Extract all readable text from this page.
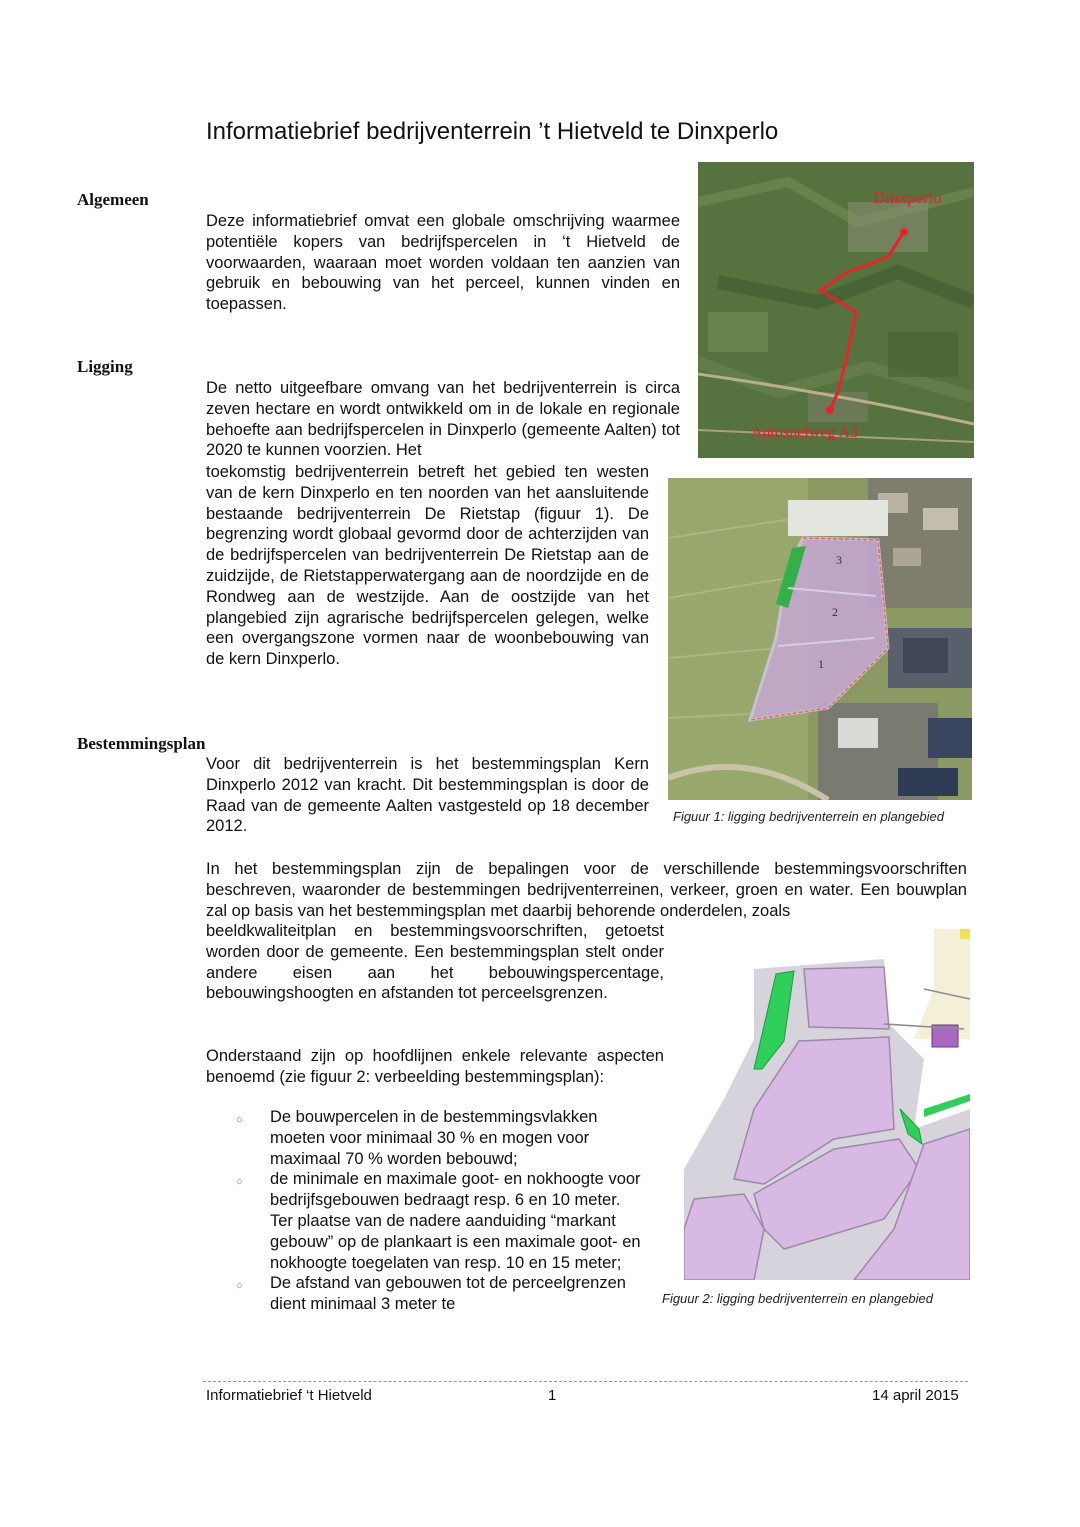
Informatiebrief bedrijventerrein ’t Hietveld te Dinxperlo
Algemeen
Deze informatiebrief omvat een globale omschrijving waarmee potentiële kopers van bedrijfspercelen in ‘t Hietveld de voorwaarden, waaraan moet worden voldaan ten aanzien van gebruik en bebouwing van het perceel, kunnen vinden en toepassen.
Ligging
De netto uitgeefbare omvang van het bedrijventerrein is circa zeven hectare en wordt ontwikkeld om in de lokale en regionale behoefte aan bedrijfspercelen in Dinxperlo (gemeente Aalten) tot 2020 te kunnen voorzien. Het
toekomstig bedrijventerrein betreft het gebied ten westen van de kern Dinxperlo en ten noorden van het aansluitende bestaande bedrijventerrein De Rietstap (figuur 1). De begrenzing wordt globaal gevormd door de achterzijden van de bedrijfspercelen van bedrijventerrein De Rietstap aan de zuidzijde, de Rietstapperwatergang aan de noordzijde en de Rondweg aan de westzijde. Aan de oostzijde van het plangebied zijn agrarische bedrijfspercelen gelegen, welke een overgangszone vormen naar de woonbebouwing van de kern Dinxperlo.
Bestemmingsplan
Voor dit bedrijventerrein is het bestemmingsplan Kern Dinxperlo 2012 van kracht. Dit bestemmingsplan is door de Raad van de gemeente Aalten vastgesteld op 18 december 2012.
In het bestemmingsplan zijn de bepalingen voor de verschillende bestemmingsvoorschriften beschreven, waaronder de bestemmingen bedrijventerreinen, verkeer, groen en water. Een bouwplan zal op basis van het bestemmingsplan met daarbij behorende onderdelen, zoals
beeldkwaliteitplan en bestemmingsvoorschriften, getoetst worden door de gemeente. Een bestemmingsplan stelt onder andere eisen aan het bebouwingspercentage, bebouwingshoogten en afstanden tot perceelsgrenzen.
Onderstaand zijn op hoofdlijnen enkele relevante aspecten benoemd (zie figuur 2: verbeelding bestemmingsplan):
○ De bouwpercelen in de bestemmingsvlakken moeten voor minimaal 30 % en mogen voor maximaal 70 % worden bebouwd;
○ de minimale en maximale goot- en nokhoogte voor bedrijfsgebouwen bedraagt resp. 6 en 10 meter. Ter plaatse van de nadere aanduiding “markant gebouw” op de plankaart is een maximale goot- en nokhoogte toegelaten van resp. 10 en 15 meter;
○ De afstand van gebouwen tot de perceelgrenzen dient minimaal 3 meter te
Dinxperlo
Autosnelweg A3
3
2
1
Figuur 1: ligging bedrijventerrein en plangebied
Figuur 2: ligging bedrijventerrein en plangebied
Informatiebrief ‘t Hietveld	1	14 april 2015
